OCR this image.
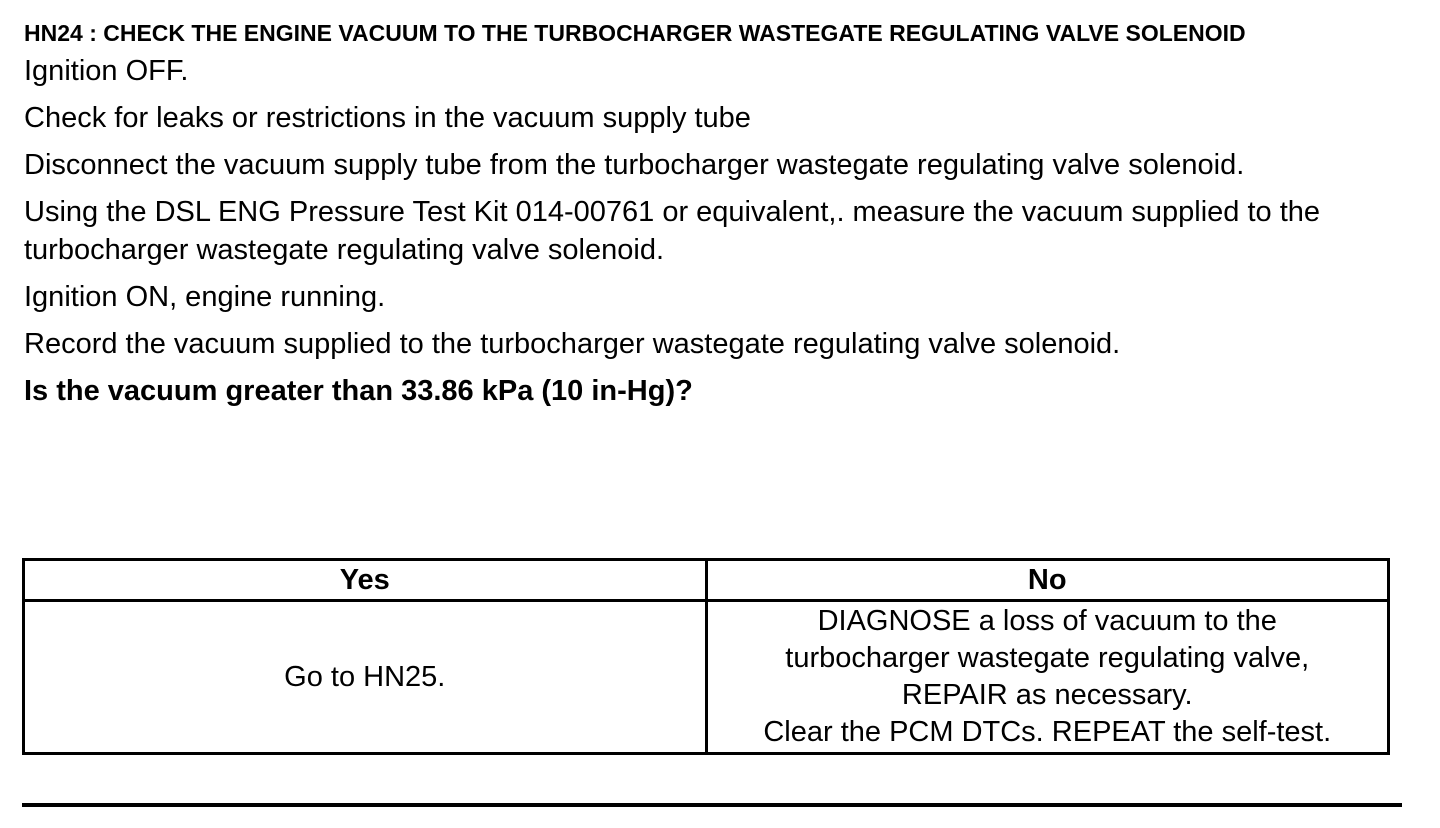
HN24 : CHECK THE ENGINE VACUUM TO THE TURBOCHARGER WASTEGATE REGULATING VALVE SOLENOID
Ignition OFF.
Check for leaks or restrictions in the vacuum supply tube
Disconnect the vacuum supply tube from the turbocharger wastegate regulating valve solenoid.
Using the DSL ENG Pressure Test Kit 014-00761 or equivalent,. measure the vacuum supplied to the turbocharger wastegate regulating valve solenoid.
Ignition ON, engine running.
Record the vacuum supplied to the turbocharger wastegate regulating valve solenoid.

Is the vacuum greater than 33.86 kPa (10 in-Hg)?

Yes	No
Go to HN25.	DIAGNOSE a loss of vacuum to the
turbocharger wastegate regulating valve,
REPAIR as necessary.
Clear the PCM DTCs. REPEAT the self-test.
